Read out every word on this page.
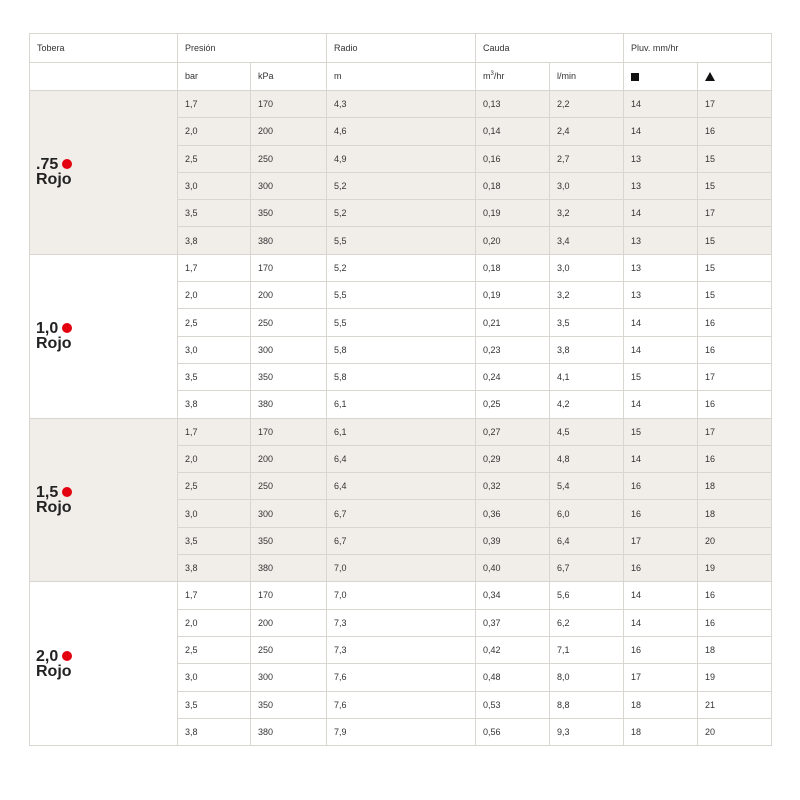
Tobera	Presión		Radio	Cauda		Pluv. mm/hr	
	bar	kPa	m	$m^3/hr$	l/min		
.75
Rojo	1,7	170	4,3	0,13	2,2	14	17
	2,0	200	4,6	0,14	2,4	14	16
	2,5	250	4,9	0,16	2,7	13	15
	3,0	300	5,2	0,18	3,0	13	15
	3,5	350	5,2	0,19	3,2	14	17
	3,8	380	5,5	0,20	3,4	13	15
1,0
Rojo	1,7	170	5,2	0,18	3,0	13	15
	2,0	200	5,5	0,19	3,2	13	15
	2,5	250	5,5	0,21	3,5	14	16
	3,0	300	5,8	0,23	3,8	14	16
	3,5	350	5,8	0,24	4,1	15	17
	3,8	380	6,1	0,25	4,2	14	16
1,5
Rojo	1,7	170	6,1	0,27	4,5	15	17
	2,0	200	6,4	0,29	4,8	14	16
	2,5	250	6,4	0,32	5,4	16	18
	3,0	300	6,7	0,36	6,0	16	18
	3,5	350	6,7	0,39	6,4	17	20
	3,8	380	7,0	0,40	6,7	16	19
2,0
Rojo	1,7	170	7,0	0,34	5,6	14	16
	2,0	200	7,3	0,37	6,2	14	16
	2,5	250	7,3	0,42	7,1	16	18
	3,0	300	7,6	0,48	8,0	17	19
	3,5	350	7,6	0,53	8,8	18	21
	3,8	380	7,9	0,56	9,3	18	20
